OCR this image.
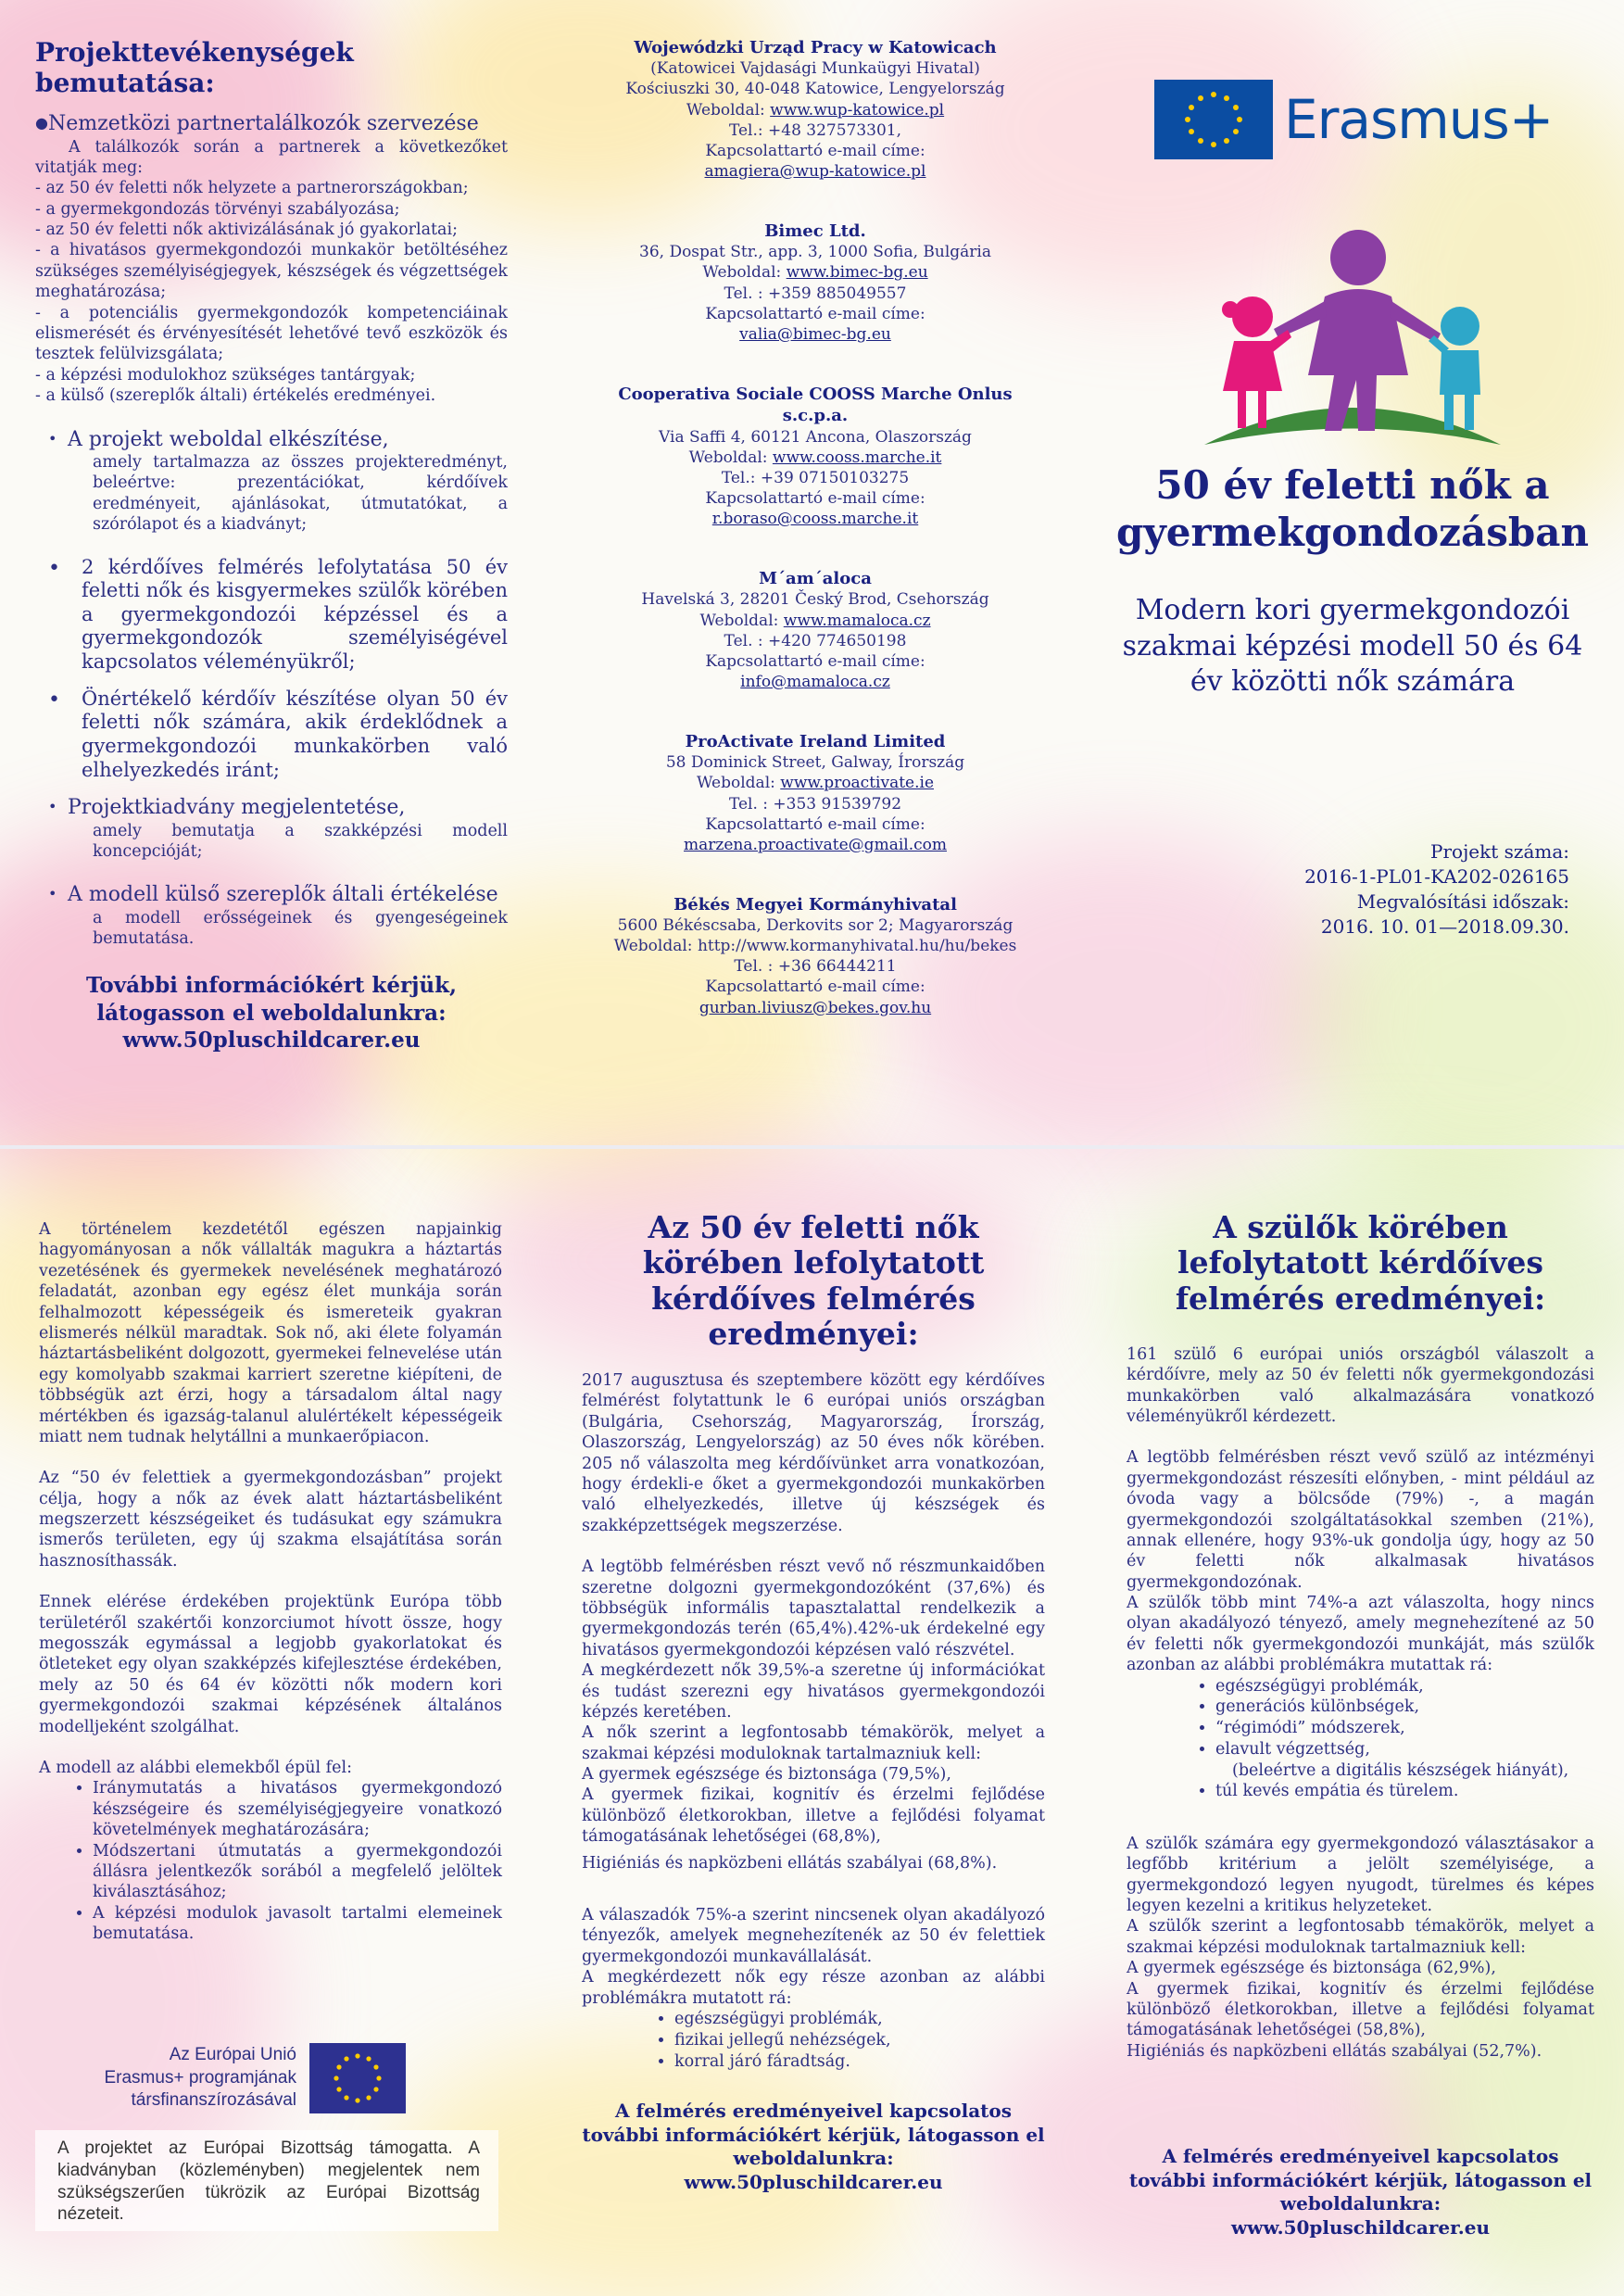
Projekttevékenységek bemutatása:
●Nemzetközi partnertalálkozók szervezése
A találkozók során a partnerek a következőket vitatják meg:
- az 50 év feletti nők helyzete a partnerországokban;
- a gyermekgondozás törvényi szabályozása;
- az 50 év feletti nők aktivizálásának jó gyakorlatai;
- a hivatásos gyermekgondozói munkakör betöltéséhez szükséges személyiségjegyek, készségek és végzettségek meghatározása;
- a potenciális gyermekgondozók kompetenciáinak elismerését és érvényesítését lehetővé tevő eszközök és tesztek felülvizsgálata;
- a képzési modulokhoz szükséges tantárgyak;
- a külső (szereplők általi) értékelés eredményei.
• A projekt weboldal elkészítése,
amely tartalmazza az összes projekteredményt, beleértve: prezentációkat, kérdőívek eredményeit, ajánlásokat, útmutatókat, a szórólapot és a kiadványt;
•	2 kérdőíves felmérés lefolytatása 50 év feletti nők és kisgyermekes szülők körében a gyermekgondozói képzéssel és a gyermekgondozók személyiségével kapcsolatos véleményükről;
•	Önértékelő kérdőív készítése olyan 50 év feletti nők számára, akik érdeklődnek a gyermekgondozói munkakörben való elhelyezkedés iránt;
• Projektkiadvány megjelentetése,
amely bemutatja a szakképzési modell koncepcióját;
• A modell külső szereplők általi értékelése
a modell erősségeinek és gyengeségeinek bemutatása.
További információkért kérjük, látogasson el weboldalunkra:
www.50pluschildcarer.eu
Wojewódzki Urząd Pracy w Katowicach
(Katowicei Vajdasági Munkaügyi Hivatal)
Kościuszki 30, 40-048 Katowice, Lengyelország
Weboldal: www.wup-katowice.pl
Tel.: +48 327573301,
Kapcsolattartó e-mail címe:
amagiera@wup-katowice.pl
Bimec Ltd.
36, Dospat Str., app. 3, 1000 Sofia, Bulgária
Weboldal: www.bimec-bg.eu
Tel. : +359 885049557
Kapcsolattartó e-mail címe:
valia@bimec-bg.eu
Cooperativa Sociale COOSS Marche Onlus s.c.p.a.
Via Saffi 4, 60121 Ancona, Olaszország
Weboldal: www.cooss.marche.it
Tel.: +39 07150103275
Kapcsolattartó e-mail címe:
r.boraso@cooss.marche.it
M´am´aloca
Havelská 3, 28201 Český Brod, Csehország
Weboldal: www.mamaloca.cz
Tel. : +420 774650198
Kapcsolattartó e-mail címe:
info@mamaloca.cz
ProActivate Ireland Limited
58 Dominick Street, Galway, Írország
Weboldal: www.proactivate.ie
Tel. : +353 91539792
Kapcsolattartó e-mail címe:
marzena.proactivate@gmail.com
Békés Megyei Kormányhivatal
5600 Békéscsaba, Derkovits sor 2; Magyarország
Weboldal: http://www.kormanyhivatal.hu/hu/bekes
Tel. : +36 66444211
Kapcsolattartó e-mail címe:
gurban.liviusz@bekes.gov.hu
Erasmus+
50 év feletti nők a gyermekgondozásban
Modern kori gyermekgondozói szakmai képzési modell 50 és 64 év közötti nők számára
Projekt száma:
2016-1-PL01-KA202-026165
Megvalósítási időszak:
2016. 10. 01—2018.09.30.

A történelem kezdetétől egészen napjainkig hagyományosan a nők vállalták magukra a háztartás vezetésének és gyermekek nevelésének meghatározó feladatát, azonban egy egész élet munkája során felhalmozott képességeik és ismereteik gyakran elismerés nélkül maradtak. Sok nő, aki élete folyamán háztartásbeliként dolgozott, gyermekei felnevelése után egy komolyabb szakmai karriert szeretne kiépíteni, de többségük azt érzi, hogy a társadalom által nagy mértékben és igazság-talanul alulértékelt képességeik miatt nem tudnak helytállni a munkaerőpiacon.

Az “50 év felettiek a gyermekgondozásban” projekt célja, hogy a nők az évek alatt háztartásbeliként megszerzett készségeiket és tudásukat egy számukra ismerős területen, egy új szakma elsajátítása során hasznosíthassák.

Ennek elérése érdekében projektünk Európa több területéről szakértői konzorciumot hívott össze, hogy megosszák egymással a legjobb gyakorlatokat és ötleteket egy olyan szakképzés kifejlesztése érdekében, mely az 50 és 64 év közötti nők modern kori gyermekgondozói szakmai képzésének általános modelljeként szolgálhat.

A modell az alábbi elemekből épül fel:

• Iránymutatás a hivatásos gyermekgondozó készségeire és személyiségjegyeire vonatkozó követelmények meghatározására;
• Módszertani útmutatás a gyermekgondozói állásra jelentkezők sorából a megfelelő jelöltek kiválasztásához;
• A képzési modulok javasolt tartalmi elemeinek bemutatása.
Az Európai Unió
Erasmus+ programjának
társfinanszírozásával
A projektet az Európai Bizottság támogatta. A kiadványban (közleményben) megjelentek nem szükségszerűen tükrözik az Európai Bizottság nézeteit.
Az 50 év feletti nők körében lefolytatott kérdőíves felmérés eredményei:

2017 augusztusa és szeptembere között egy kérdőíves felmérést folytattunk le 6 európai uniós országban (Bulgária, Csehország, Magyarország, Írország, Olaszország, Lengyelország) az 50 éves nők körében. 205 nő válaszolta meg kérdőívünket arra vonatkozóan, hogy érdekli-e őket a gyermekgondozói munkakörben való elhelyezkedés, illetve új készségek és szakképzettségek megszerzése.

A legtöbb felmérésben részt vevő nő részmunkaidőben szeretne dolgozni gyermekgondozóként (37,6%) és többségük informális tapasztalattal rendelkezik a gyermekgondozás terén (65,4%).42%-uk érdekelné egy hivatásos gyermekgondozói képzésen való részvétel.

A megkérdezett nők 39,5%-a szeretne új információkat és tudást szerezni egy hivatásos gyermekgondozói képzés keretében.

A nők szerint a legfontosabb témakörök, melyet a szakmai képzési moduloknak tartalmazniuk kell:

A gyermek egészsége és biztonsága (79,5%),

A gyermek fizikai, kognitív és érzelmi fejlődése különböző életkorokban, illetve a fejlődési folyamat támogatásának lehetőségei (68,8%),

Higiéniás és napközbeni ellátás szabályai (68,8%).

A válaszadók 75%-a szerint nincsenek olyan akadályozó tényezők, amelyek megnehezítenék az 50 év felettiek gyermekgondozói munkavállalását.

A megkérdezett nők egy része azonban az alábbi problémákra mutatott rá:

• egészségügyi problémák,
• fizikai jellegű nehézségek,
• korral járó fáradtság.
A felmérés eredményeivel kapcsolatos további információkért kérjük, látogasson el weboldalunkra:
www.50pluschildcarer.eu
A szülők körében lefolytatott kérdőíves felmérés eredményei:

161 szülő 6 európai uniós országból válaszolt a kérdőívre, mely az 50 év feletti nők gyermekgondozási munkakörben való alkalmazására vonatkozó véleményükről kérdezett.

A legtöbb felmérésben részt vevő szülő az intézményi gyermekgondozást részesíti előnyben, - mint például az óvoda vagy a bölcsőde (79%) -, a magán gyermekgondozói szolgáltatásokkal szemben (21%), annak ellenére, hogy 93%-uk gondolja úgy, hogy az 50 év feletti nők alkalmasak hivatásos gyermekgondozónak.

A szülők több mint 74%-a azt válaszolta, hogy nincs olyan akadályozó tényező, amely megnehezítené az 50 év feletti nők gyermekgondozói munkáját, más szülők azonban az alábbi problémákra mutattak rá:

• egészségügyi problémák,
• generációs különbségek,
• “régimódi” módszerek,
• elavult végzettség,
(beleértve a digitális készségek hiányát),
• túl kevés empátia és türelem.

A szülők számára egy gyermekgondozó választásakor a legfőbb kritérium a jelölt személyisége, a gyermekgondozó legyen nyugodt, türelmes és képes legyen kezelni a kritikus helyzeteket.

A szülők szerint a legfontosabb témakörök, melyet a szakmai képzési moduloknak tartalmazniuk kell:

A gyermek egészsége és biztonsága (62,9%),

A gyermek fizikai, kognitív és érzelmi fejlődése különböző életkorokban, illetve a fejlődési folyamat támogatásának lehetőségei (58,8%),

Higiéniás és napközbeni ellátás szabályai (52,7%).

A felmérés eredményeivel kapcsolatos további információkért kérjük, látogasson el weboldalunkra:
www.50pluschildcarer.eu
